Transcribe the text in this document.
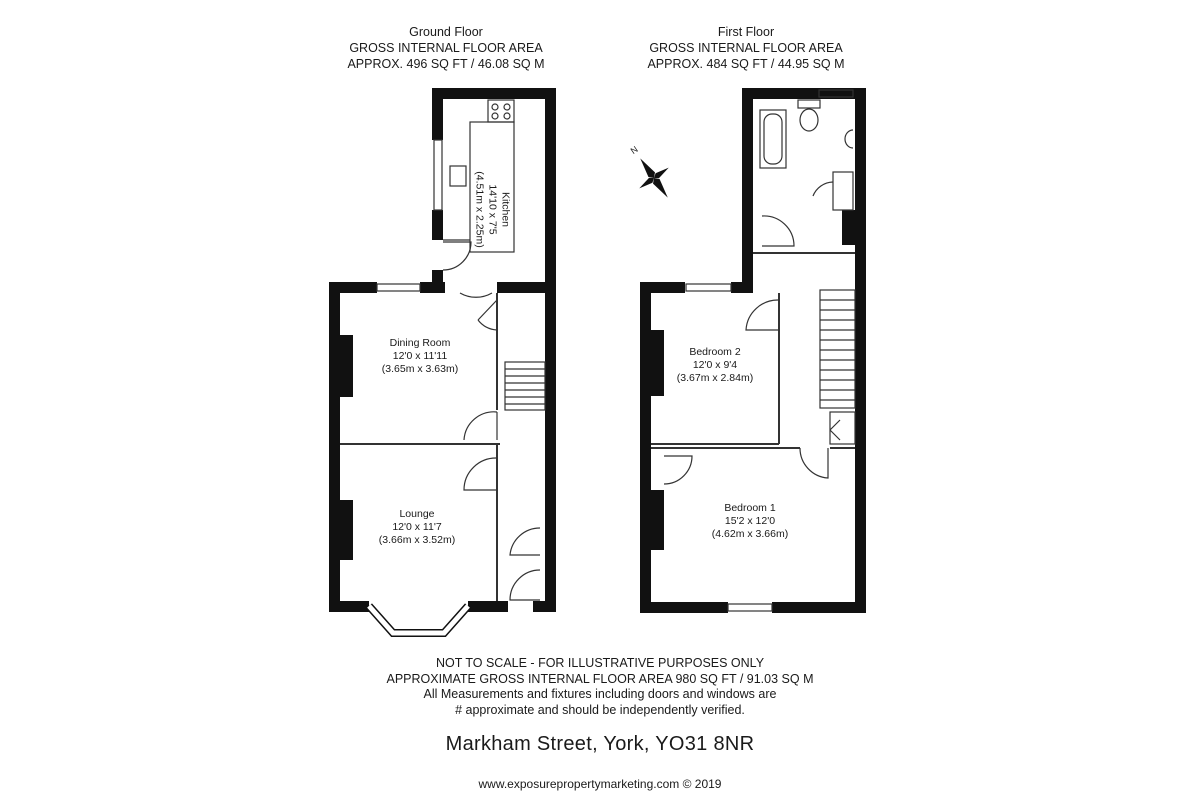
Ground Floor
GROSS INTERNAL FLOOR AREA
APPROX. 496 SQ FT / 46.08 SQ M
First Floor
GROSS INTERNAL FLOOR AREA
APPROX. 484 SQ FT / 44.95 SQ M
N
Kitchen
14'10 x 7'5
(4.51m x 2.25m)
Dining Room
12'0 x 11'11
(3.65m x 3.63m)
Lounge
12'0 x 11'7
(3.66m x 3.52m)
Bedroom 2
12'0 x 9'4
(3.67m x 2.84m)
Bedroom 1
15'2 x 12'0
(4.62m x 3.66m)
NOT TO SCALE - FOR ILLUSTRATIVE PURPOSES ONLY
APPROXIMATE GROSS INTERNAL FLOOR AREA 980 SQ FT / 91.03 SQ M
All Measurements and fixtures including doors and windows are
# approximate and should be independently verified.
Markham Street, York, YO31 8NR
www.exposurepropertymarketing.com © 2019
